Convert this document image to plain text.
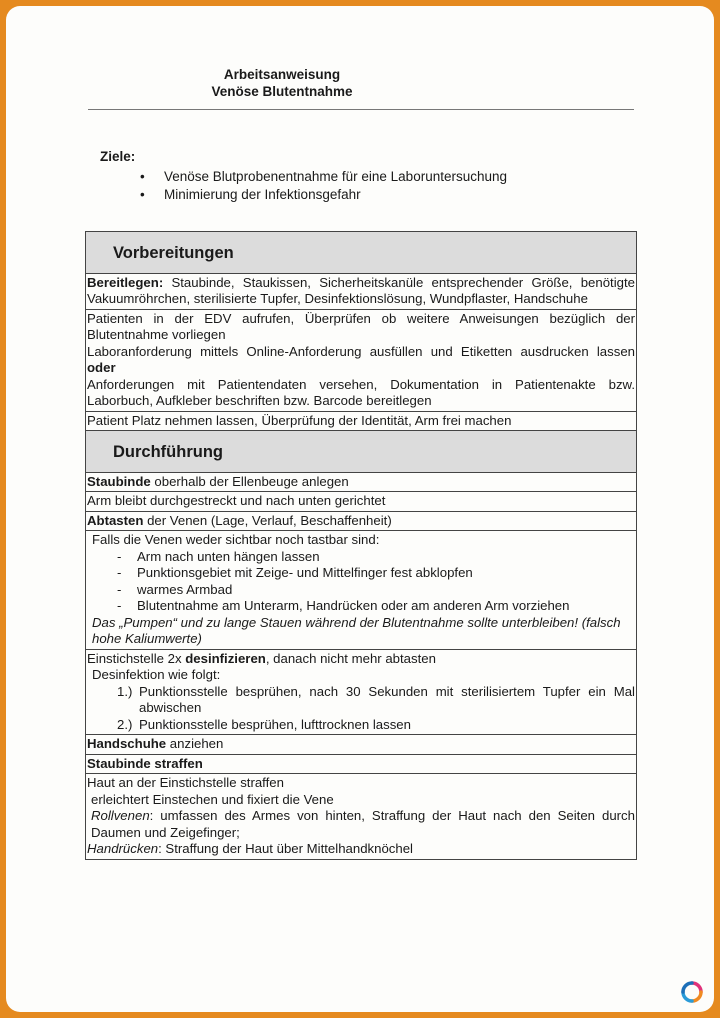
Arbeitsanweisung
Venöse Blutentnahme
Ziele:
• Venöse Blutprobenentnahme für eine Laboruntersuchung
• Minimierung der Infektionsgefahr
Vorbereitungen
Bereitlegen: Staubinde, Staukissen, Sicherheitskanüle entsprechender Größe, benötigte Vakuumröhrchen, sterilisierte Tupfer, Desinfektionslösung, Wundpflaster, Handschuhe

Patienten in der EDV aufrufen, Überprüfen ob weitere Anweisungen bezüglich der Blutentnahme vorliegen
Laboranforderung mittels Online-Anforderung ausfüllen und Etiketten ausdrucken lassen oder
Anforderungen mit Patientendaten versehen, Dokumentation in Patientenakte bzw. Laborbuch, Aufkleber beschriften bzw. Barcode bereitlegen

Patient Platz nehmen lassen, Überprüfung der Identität, Arm frei machen
Durchführung
Staubinde oberhalb der Ellenbeuge anlegen
Arm bleibt durchgestreckt und nach unten gerichtet
Abtasten der Venen (Lage, Verlauf, Beschaffenheit)

Falls die Venen weder sichtbar noch tastbar sind:
- Arm nach unten hängen lassen
- Punktionsgebiet mit Zeige- und Mittelfinger fest abklopfen
- warmes Armbad
- Blutentnahme am Unterarm, Handrücken oder am anderen Arm vorziehen
Das „Pumpen“ und zu lange Stauen während der Blutentnahme sollte unterbleiben! (falsch hohe Kaliumwerte)

Einstichstelle 2x desinfizieren, danach nicht mehr abtasten
Desinfektion wie folgt:
1.) Punktionsstelle besprühen, nach 30 Sekunden mit sterilisiertem Tupfer ein Mal abwischen
2.) Punktionsstelle besprühen, lufttrocknen lassen

Handschuhe anziehen
Staubinde straffen

Haut an der Einstichstelle straffen
erleichtert Einstechen und fixiert die Vene
Rollvenen: umfassen des Armes von hinten, Straffung der Haut nach den Seiten durch Daumen und Zeigefinger;
Handrücken: Straffung der Haut über Mittelhandknöchel
